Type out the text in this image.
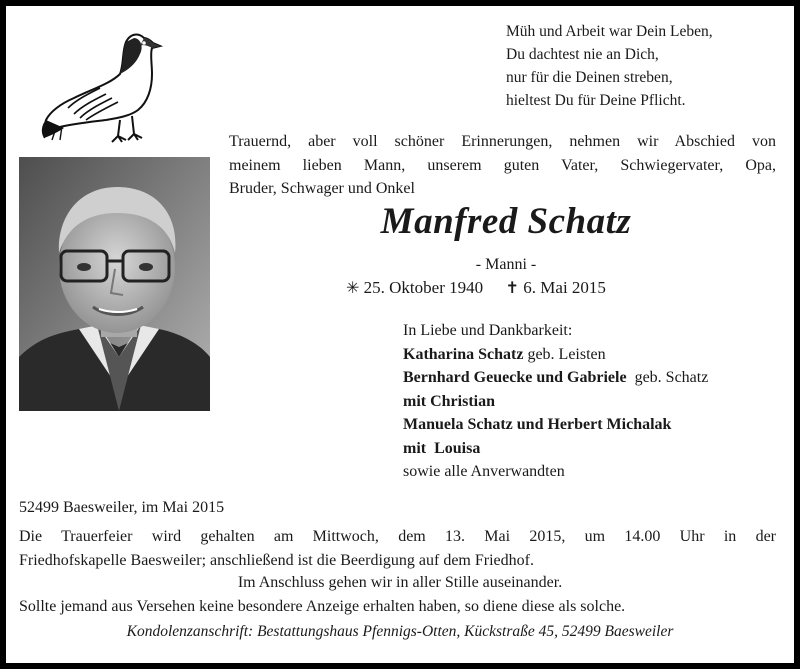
Müh und Arbeit war Dein Leben,
Du dachtest nie an Dich,
nur für die Deinen streben,
hieltest Du für Deine Pflicht.
Trauernd, aber voll schöner Erinnerungen, nehmen wir Abschied von
meinem lieben Mann, unserem guten Vater, Schwiegervater, Opa,
Bruder, Schwager und Onkel
Manfred Schatz
- Manni -
✳ 25. Oktober 1940 ✝ 6. Mai 2015
In Liebe und Dankbarkeit:
Katharina Schatz geb. Leisten
Bernhard Geuecke und Gabriele  geb. Schatz
mit Christian
Manuela Schatz und Herbert Michalak
mit  Louisa
sowie alle Anverwandten
52499 Baesweiler, im Mai 2015
Die Trauerfeier wird gehalten am Mittwoch, dem 13. Mai 2015, um 14.00 Uhr in der
Friedhofskapelle Baesweiler; anschließend ist die Beerdigung auf dem Friedhof.
Im Anschluss gehen wir in aller Stille auseinander.
Sollte jemand aus Versehen keine besondere Anzeige erhalten haben, so diene diese als solche.
Kondolenzanschrift: Bestattungshaus Pfennigs-Otten, Kückstraße 45, 52499 Baesweiler
